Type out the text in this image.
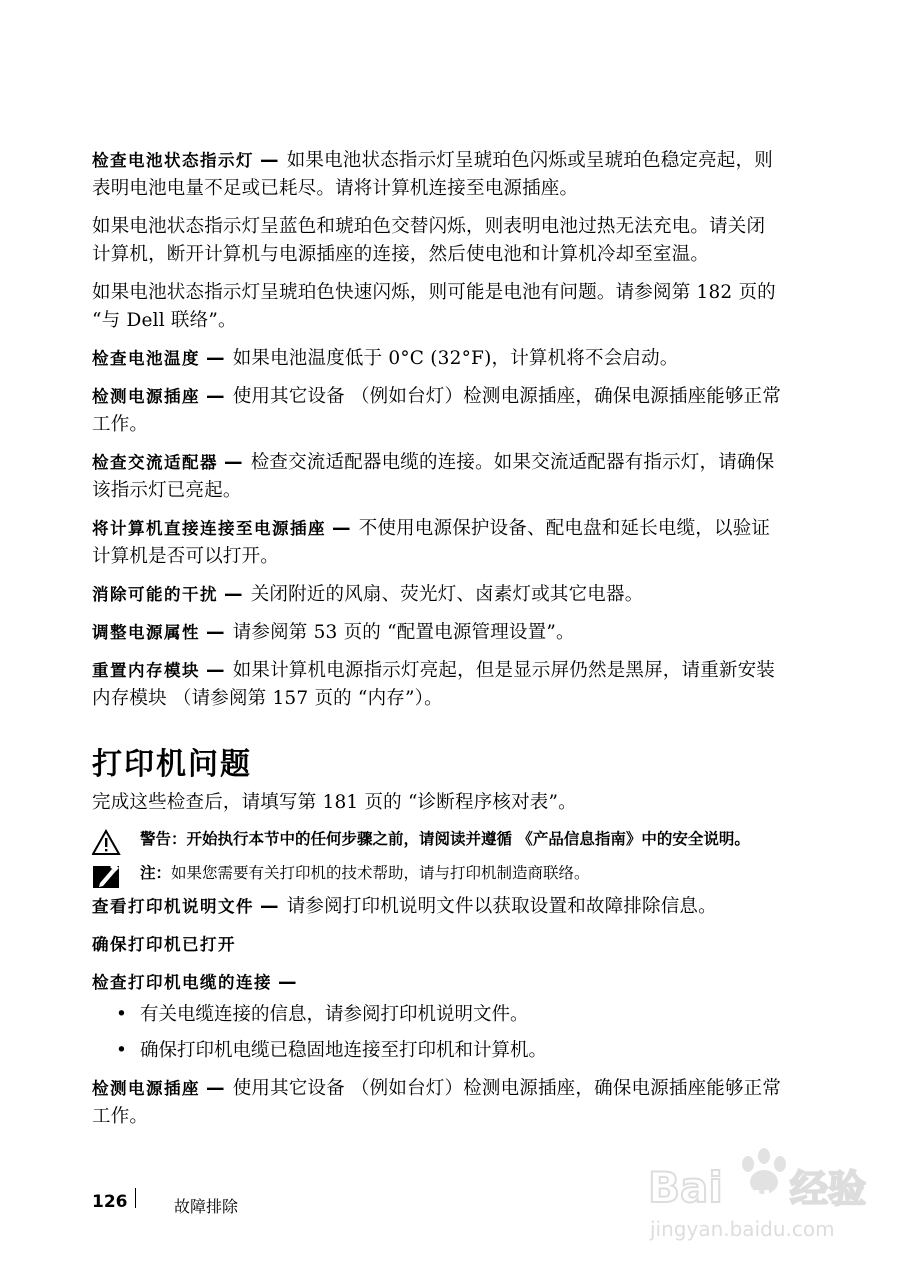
检查电池状态指示灯 — 如果电池状态指示灯呈琥珀色闪烁或呈琥珀色稳定亮起，则表明电池电量不足或已耗尽。请将计算机连接至电源插座。

如果电池状态指示灯呈蓝色和琥珀色交替闪烁，则表明电池过热无法充电。请关闭计算机，断开计算机与电源插座的连接，然后使电池和计算机冷却至室温。

如果电池状态指示灯呈琥珀色快速闪烁，则可能是电池有问题。请参阅第 182 页的 “与 Dell 联络”。

检查电池温度 — 如果电池温度低于 0°C (32°F)，计算机将不会启动。

检测电源插座 — 使用其它设备 （例如台灯）检测电源插座，确保电源插座能够正常工作。

检查交流适配器 — 检查交流适配器电缆的连接。如果交流适配器有指示灯，请确保该指示灯已亮起。

将计算机直接连接至电源插座 — 不使用电源保护设备、配电盘和延长电缆，以验证计算机是否可以打开。

消除可能的干扰 — 关闭附近的风扇、荧光灯、卤素灯或其它电器。

调整电源属性 — 请参阅第 53 页的 “配置电源管理设置”。

重置内存模块 — 如果计算机电源指示灯亮起，但是显示屏仍然是黑屏，请重新安装内存模块 （请参阅第 157 页的 “内存”）。

打印机问题

完成这些检查后，请填写第 181 页的 “诊断程序核对表”。

警告：开始执行本节中的任何步骤之前，请阅读并遵循 《产品信息指南》中的安全说明。
注：如果您需要有关打印机的技术帮助，请与打印机制造商联络。

查看打印机说明文件 — 请参阅打印机说明文件以获取设置和故障排除信息。

确保打印机已打开

检查打印机电缆的连接 —

• 有关电缆连接的信息，请参阅打印机说明文件。
• 确保打印机电缆已稳固地连接至打印机和计算机。

检测电源插座 — 使用其它设备 （例如台灯）检测电源插座，确保电源插座能够正常工作。

126	故障排除	Bai du 经验
jingyan.baidu.com
